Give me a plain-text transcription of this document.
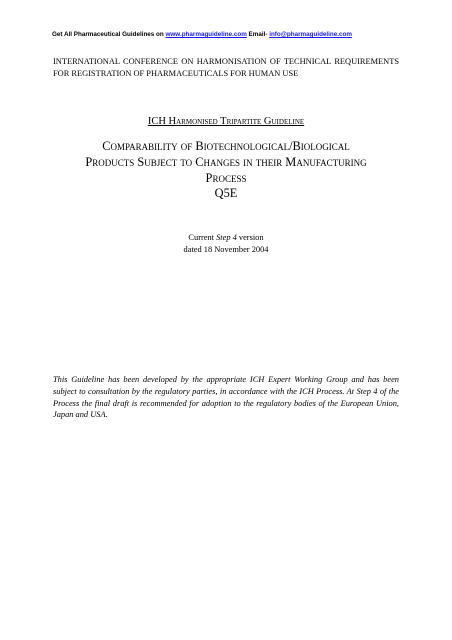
Get All Pharmaceutical Guidelines on www.pharmaguideline.com Email- info@pharmaguideline.com
INTERNATIONAL CONFERENCE ON HARMONISATION OF TECHNICAL REQUIREMENTS FOR REGISTRATION OF PHARMACEUTICALS FOR HUMAN USE
ICH Harmonised Tripartite Guideline
Comparability of Biotechnological/Biological
Products Subject to Changes in their Manufacturing
Process
Q5E
Current Step 4 version
dated 18 November 2004
This Guideline has been developed by the appropriate ICH Expert Working Group and has been subject to consultation by the regulatory parties, in accordance with the ICH Process. At Step 4 of the Process the final draft is recommended for adoption to the regulatory bodies of the European Union, Japan and USA.
